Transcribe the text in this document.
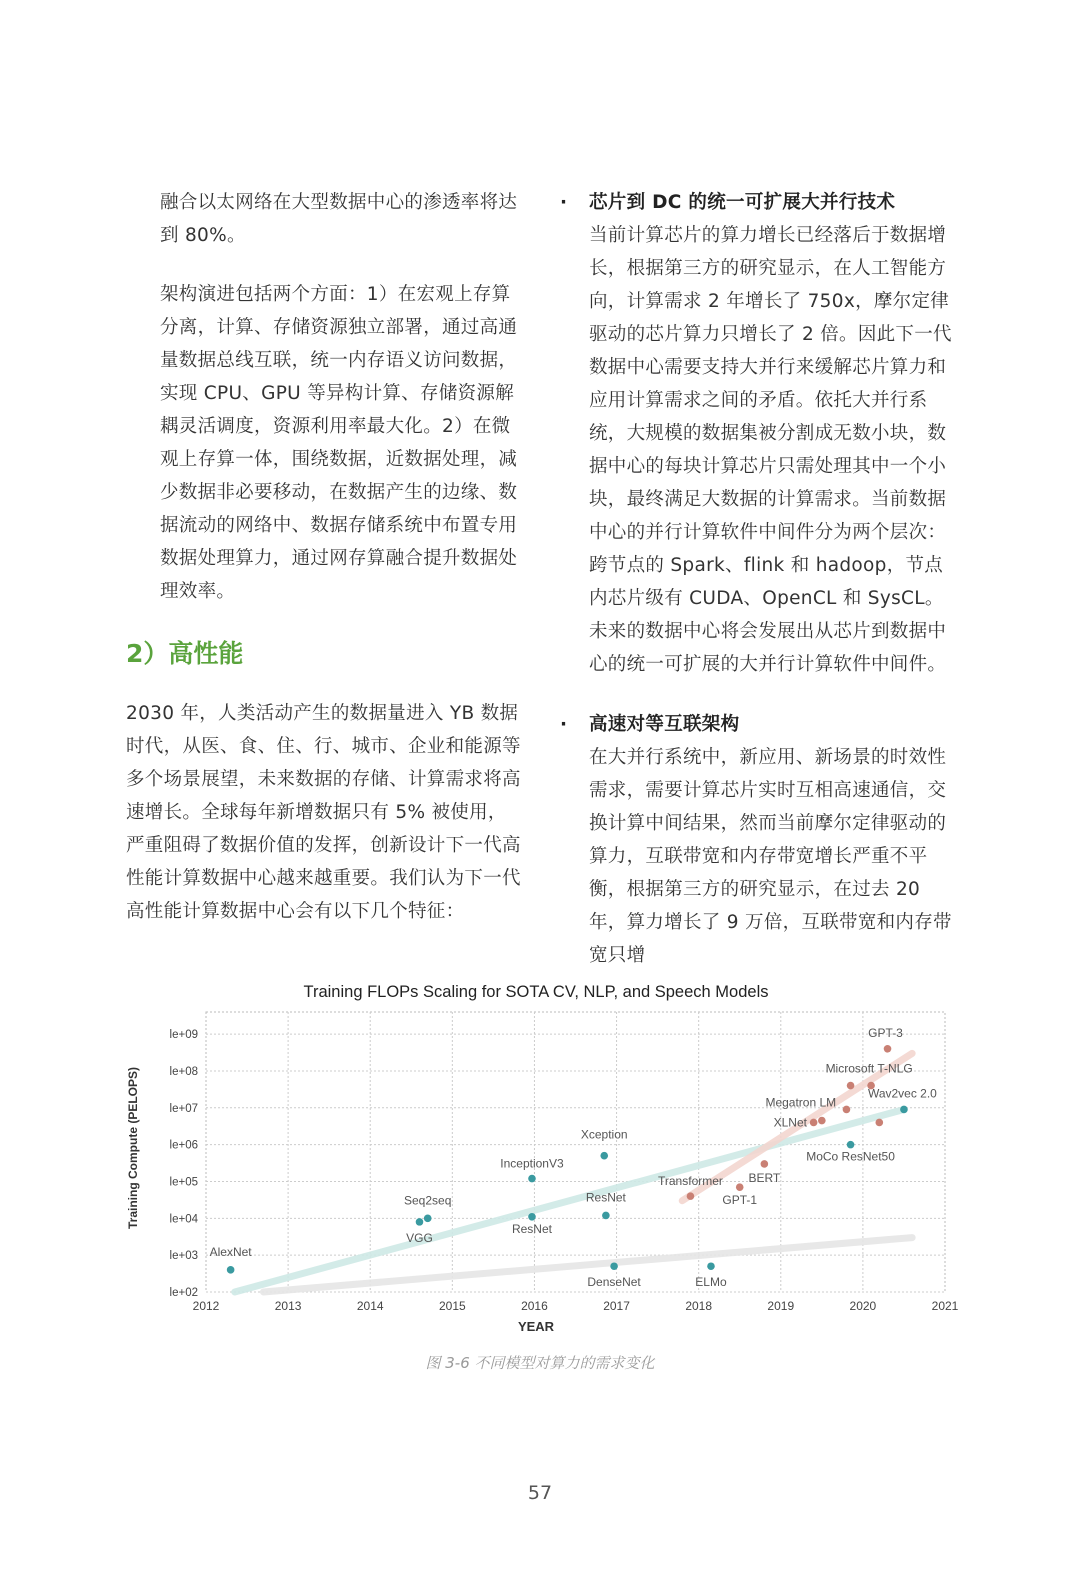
融合以太网络在大型数据中心的渗透率将达到 80%。

架构演进包括两个方面：1）在宏观上存算分离，计算、存储资源独立部署，通过高通量数据总线互联，统一内存语义访问数据，实现 CPU、GPU 等异构计算、存储资源解耦灵活调度，资源利用率最大化。2）在微观上存算一体，围绕数据，近数据处理，减少数据非必要移动，在数据产生的边缘、数据流动的网络中、数据存储系统中布置专用数据处理算力，通过网存算融合提升数据处理效率。

2）高性能

2030 年，人类活动产生的数据量进入 YB 数据时代，从医、食、住、行、城市、企业和能源等多个场景展望，未来数据的存储、计算需求将高速增长。全球每年新增数据只有 5% 被使用，严重阻碍了数据价值的发挥，创新设计下一代高性能计算数据中心越来越重要。我们认为下一代高性能计算数据中心会有以下几个特征：

·	芯片到 DC 的统一可扩展大并行技术

当前计算芯片的算力增长已经落后于数据增长，根据第三方的研究显示，在人工智能方向，计算需求 2 年增长了 750x，摩尔定律驱动的芯片算力只增长了 2 倍。因此下一代数据中心需要支持大并行来缓解芯片算力和应用计算需求之间的矛盾。依托大并行系统，大规模的数据集被分割成无数小块，数据中心的每块计算芯片只需处理其中一个小块，最终满足大数据的计算需求。当前数据中心的并行计算软件中间件分为两个层次：跨节点的 Spark、flink 和 hadoop，节点内芯片级有 CUDA、OpenCL 和 SysCL。未来的数据中心将会发展出从芯片到数据中心的统一可扩展的大并行计算软件中间件。

·	高速对等互联架构

在大并行系统中，新应用、新场景的时效性需求，需要计算芯片实时互相高速通信，交换计算中间结果，然而当前摩尔定律驱动的算力，互联带宽和内存带宽增长严重不平衡，根据第三方的研究显示，在过去 20 年，算力增长了 9 万倍，互联带宽和内存带宽只增

Training FLOPs Scaling for SOTA CV, NLP, and Speech Models
Training Compute (PELOPS)
YEAR
2012	2013	2014	2015	2016	2017	2018	2019	2020	2021
le+02
le+03
le+04
le+05
le+06
le+07
le+08
le+09
AlexNet
VGG
Seq2seq
InceptionV3
ResNet
Xception
ResNet
DenseNet	ELMo
MoCo ResNet50
Wav2vec 2.0
Transformer
GPT-1
BERT
XLNet
Megatron LM
Microsoft T-NLG
GPT-3
图 3-6 不同模型对算力的需求变化
57
